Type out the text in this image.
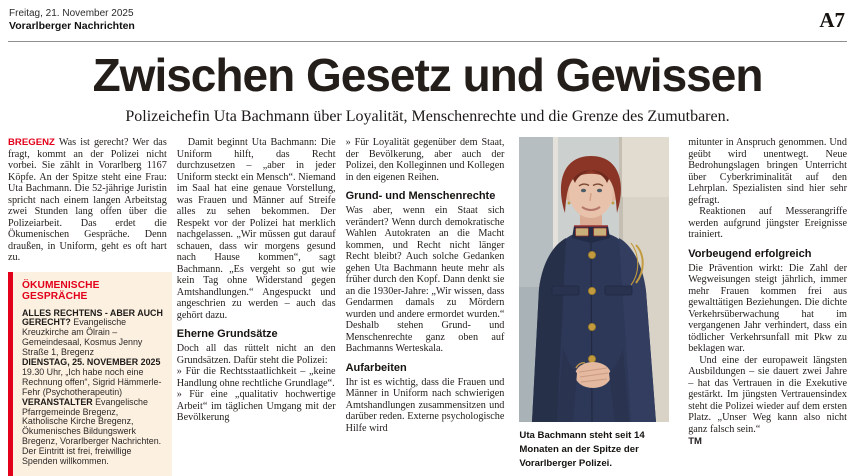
Freitag, 21. November 2025
Vorarlberger Nachrichten	A7
Zwischen Gesetz und Gewissen
Polizeichefin Uta Bachmann über Loyalität, Menschenrechte und die Grenze des Zumutbaren.

BREGENZ Was ist gerecht? Wer das fragt, kommt an der Polizei nicht vorbei. Sie zählt in Vorarlberg 1167 Köpfe. An der Spitze steht eine Frau: Uta Bachmann. Die 52-jährige Juristin spricht nach einem langen Arbeitstag zwei Stunden lang offen über die Polizeiarbeit. Das erdet die Ökumenischen Gespräche. Denn draußen, in Uniform, geht es oft hart zu.

ÖKUMENISCHE GESPRÄCHE

ALLES RECHTENS - ABER AUCH GERECHT? Evangelische Kreuzkirche am Ölrain – Gemeindesaal, Kosmus Jenny Straße 1, Bregenz

DIENSTAG, 25. NOVEMBER 2025 19.30 Uhr, „Ich habe noch eine Rechnung offen“, Sigrid Hämmerle-Fehr (Psychotherapeutin)

VERANSTALTER Evangelische Pfarrgemeinde Bregenz, Katholische Kirche Bregenz, Ökumenisches Bildungswerk Bregenz, Vorarlberger Nachrichten. Der Eintritt ist frei, freiwillige Spenden willkommen.

Damit beginnt Uta Bachmann: Die Uniform hilft, das Recht durchzusetzen – „aber in jeder Uniform steckt ein Mensch“. Niemand im Saal hat eine genaue Vorstellung, was Frauen und Männer auf Streife alles zu sehen bekommen. Der Respekt vor der Polizei hat merklich nachgelassen. „Wir müssen gut darauf schauen, dass wir morgens gesund nach Hause kommen“, sagt Bachmann. „Es vergeht so gut wie kein Tag ohne Widerstand gegen Amtshandlungen.“ Angespuckt und angeschrien zu werden – auch das gehört dazu.

Eherne Grundsätze

Doch all das rüttelt nicht an den Grundsätzen. Dafür steht die Polizei:

» Für die Rechtsstaatlichkeit – „keine Handlung ohne rechtliche Grundlage“.

» Für eine „qualitativ hochwertige Arbeit“ im täglichen Umgang mit der Bevölkerung

» Für Loyalität gegenüber dem Staat, der Bevölkerung, aber auch der Polizei, den Kolleginnen und Kollegen in den eigenen Reihen.

Grund- und Menschenrechte

Was aber, wenn ein Staat sich verändert? Wenn durch demokratische Wahlen Autokraten an die Macht kommen, und Recht nicht länger Recht bleibt? Auch solche Gedanken gehen Uta Bachmann heute mehr als früher durch den Kopf. Dann denkt sie an die 1930er-Jahre: „Wir wissen, dass Gendarmen damals zu Mördern wurden und andere ermordet wurden.“ Deshalb stehen Grund- und Menschenrechte ganz oben auf Bachmanns Werteskala.

Aufarbeiten

Ihr ist es wichtig, dass die Frauen und Männer in Uniform nach schwierigen Amtshandlungen zusammensitzen und darüber reden. Externe psychologische Hilfe wird

Uta Bachmann steht seit 14 Monaten an der Spitze der Vorarlberger Polizei.

mitunter in Anspruch genommen. Und geübt wird unentwegt. Neue Bedrohungslagen bringen Unterricht über Cyberkriminalität auf den Lehrplan. Spezialisten sind hier sehr gefragt.

Reaktionen auf Messerangriffe werden aufgrund jüngster Ereignisse trainiert.

Vorbeugend erfolgreich

Die Prävention wirkt: Die Zahl der Wegweisungen steigt jährlich, immer mehr Frauen kommen frei aus gewalttätigen Beziehungen. Die dichte Verkehrsüberwachung hat im vergangenen Jahr verhindert, dass ein tödlicher Verkehrsunfall mit Pkw zu beklagen war.

Und eine der europaweit längsten Ausbildungen – sie dauert zwei Jahre – hat das Vertrauen in die Exekutive gestärkt. Im jüngsten Vertrauensindex steht die Polizei wieder auf dem ersten Platz. „Unser Weg kann also nicht ganz falsch sein.“

TM
